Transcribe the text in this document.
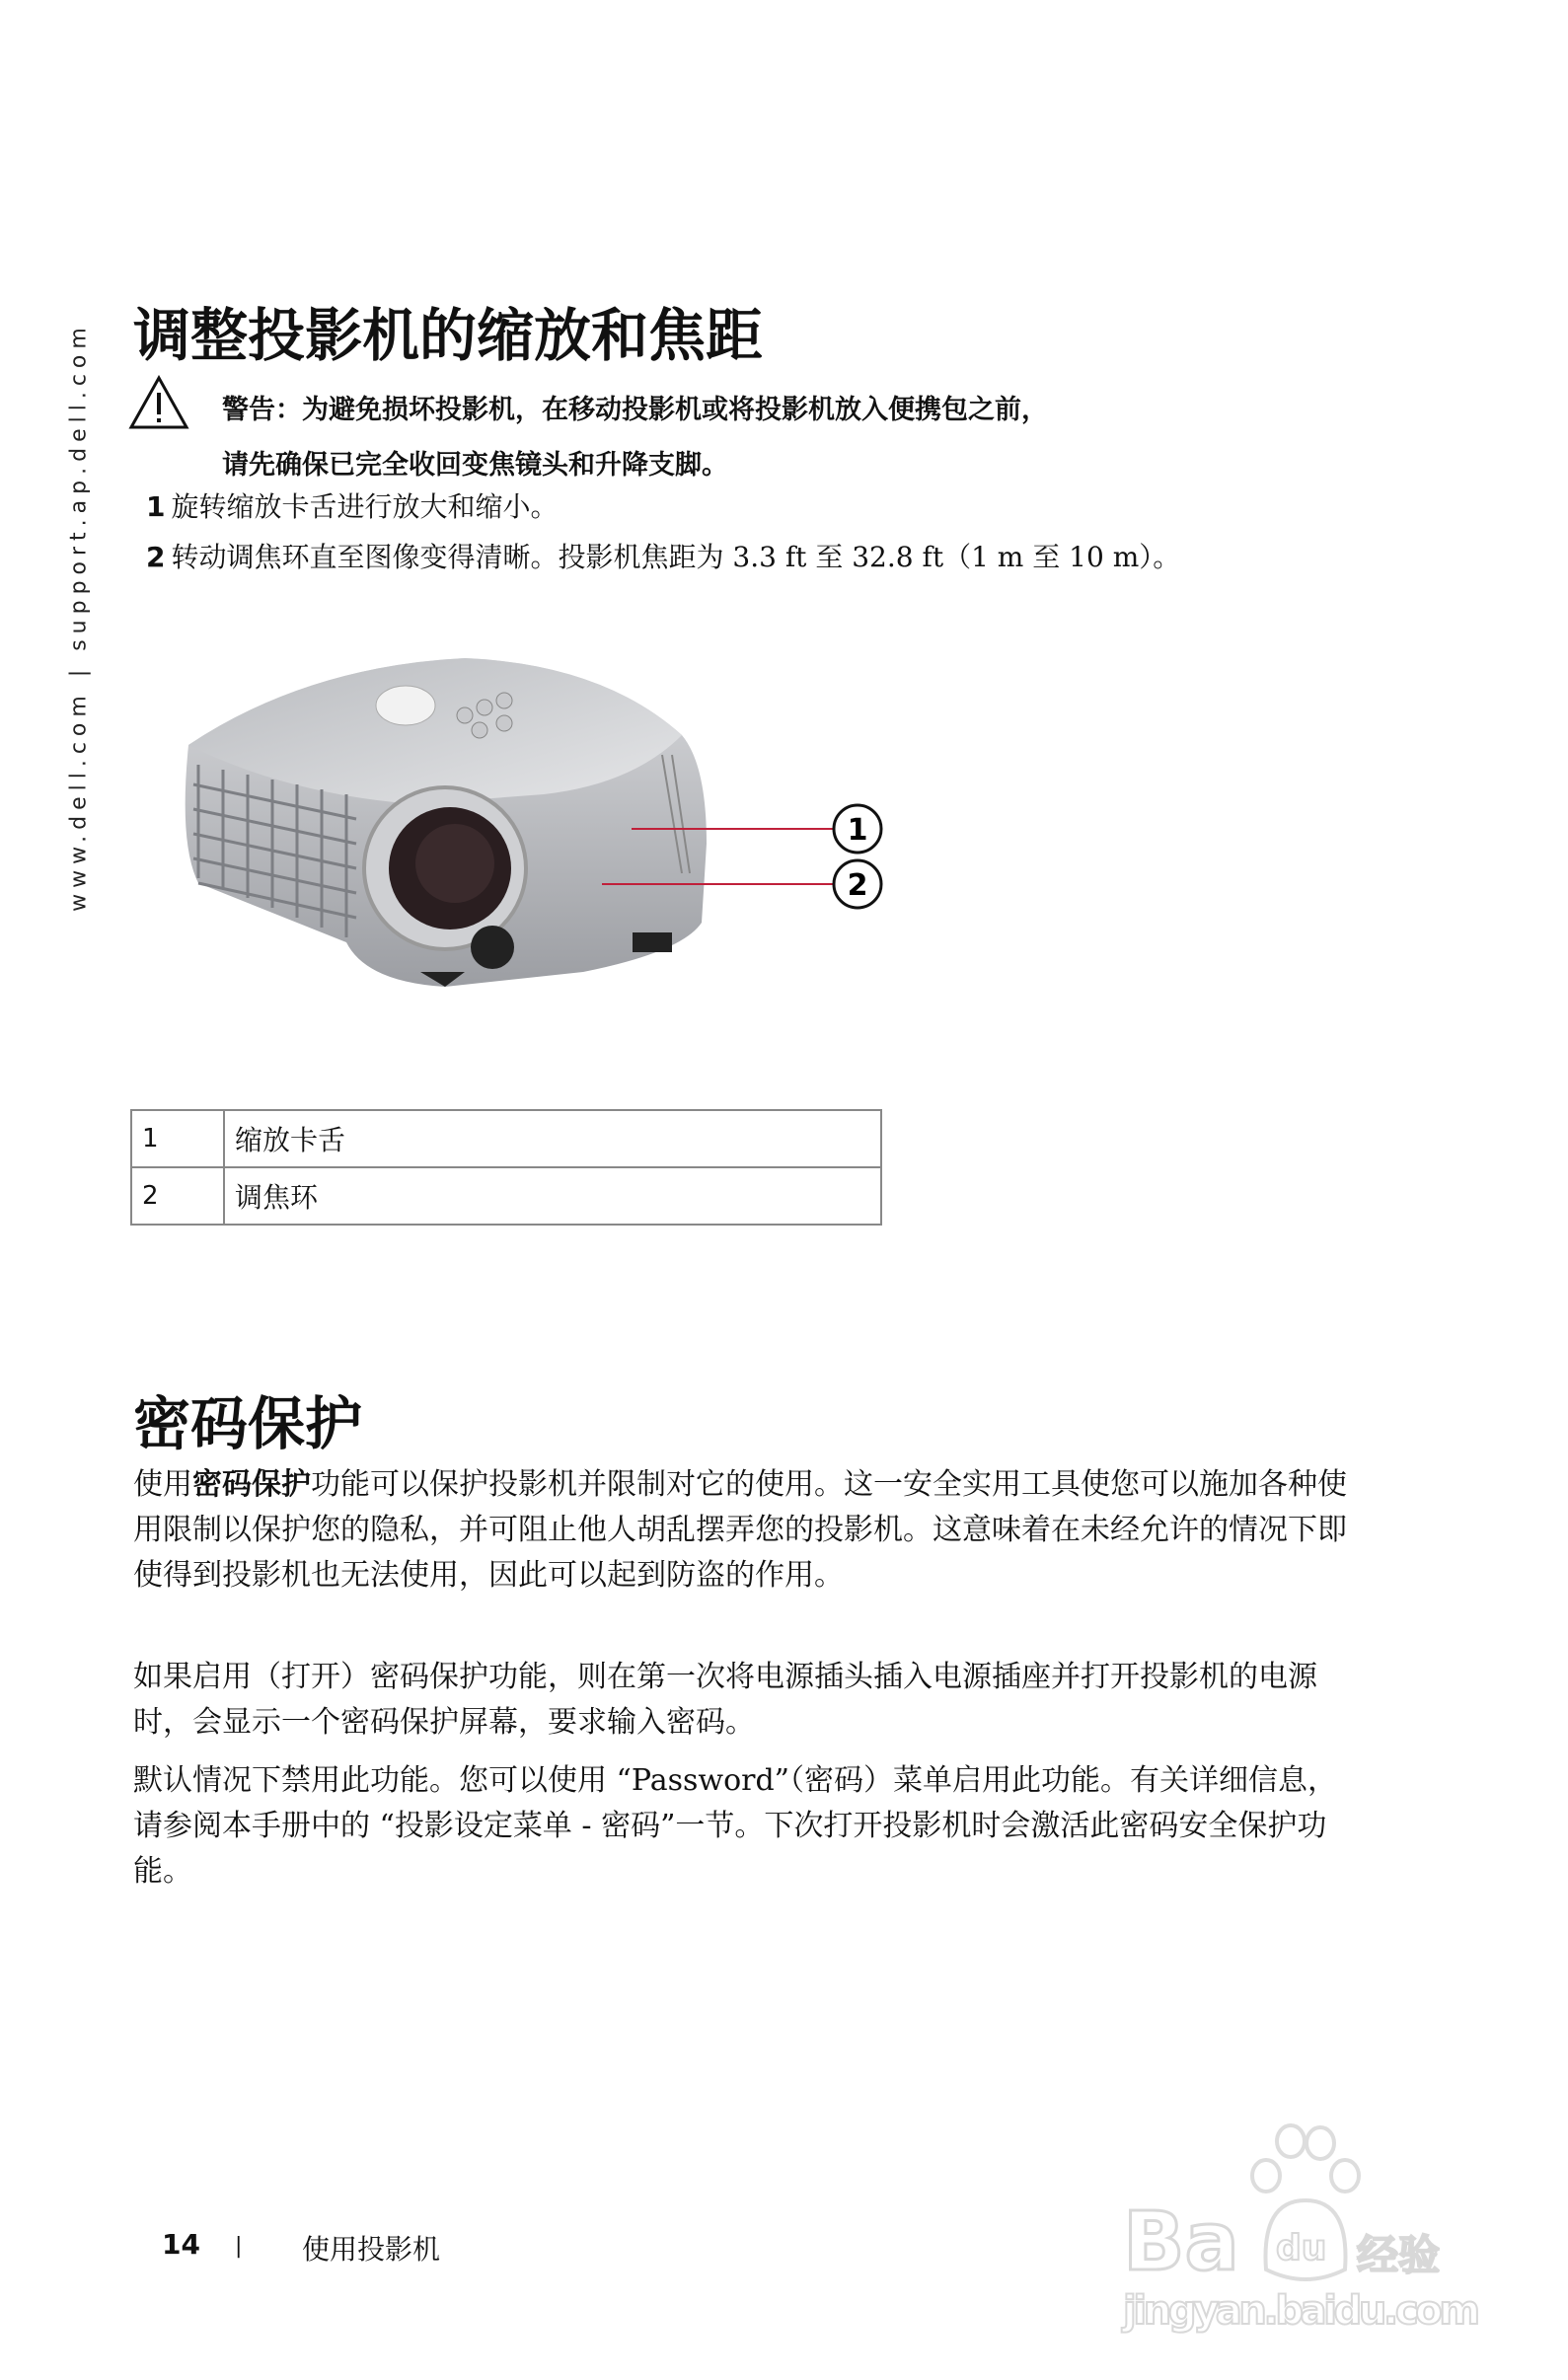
www.dell.com | support.ap.dell.com 调整投影机的缩放和焦距
警告：为避免损坏投影机，在移动投影机或将投影机放入便携包之前，
请先确保已完全收回变焦镜头和升降支脚。
1 旋转缩放卡舌进行放大和缩小。
2 转动调焦环直至图像变得清晰。投影机焦距为 3.3 ft 至 32.8 ft（1 m 至 10 m）。
1
2
1	缩放卡舌
2	调焦环
密码保护
使用密码保护功能可以保护投影机并限制对它的使用。这一安全实用工具使您可以施加各种使用限制以保护您的隐私，并可阻止他人胡乱摆弄您的投影机。这意味着在未经允许的情况下即使得到投影机也无法使用，因此可以起到防盗的作用。
如果启用（打开）密码保护功能，则在第一次将电源插头插入电源插座并打开投影机的电源时，会显示一个密码保护屏幕，要求输入密码。
默认情况下禁用此功能。您可以使用 “Password”（密码）菜单启用此功能。有关详细信息，请参阅本手册中的 “投影设定菜单 - 密码”一节。下次打开投影机时会激活此密码安全保护功能。
14 | 使用投影机	Ba du 经验
jingyan.baidu.com
